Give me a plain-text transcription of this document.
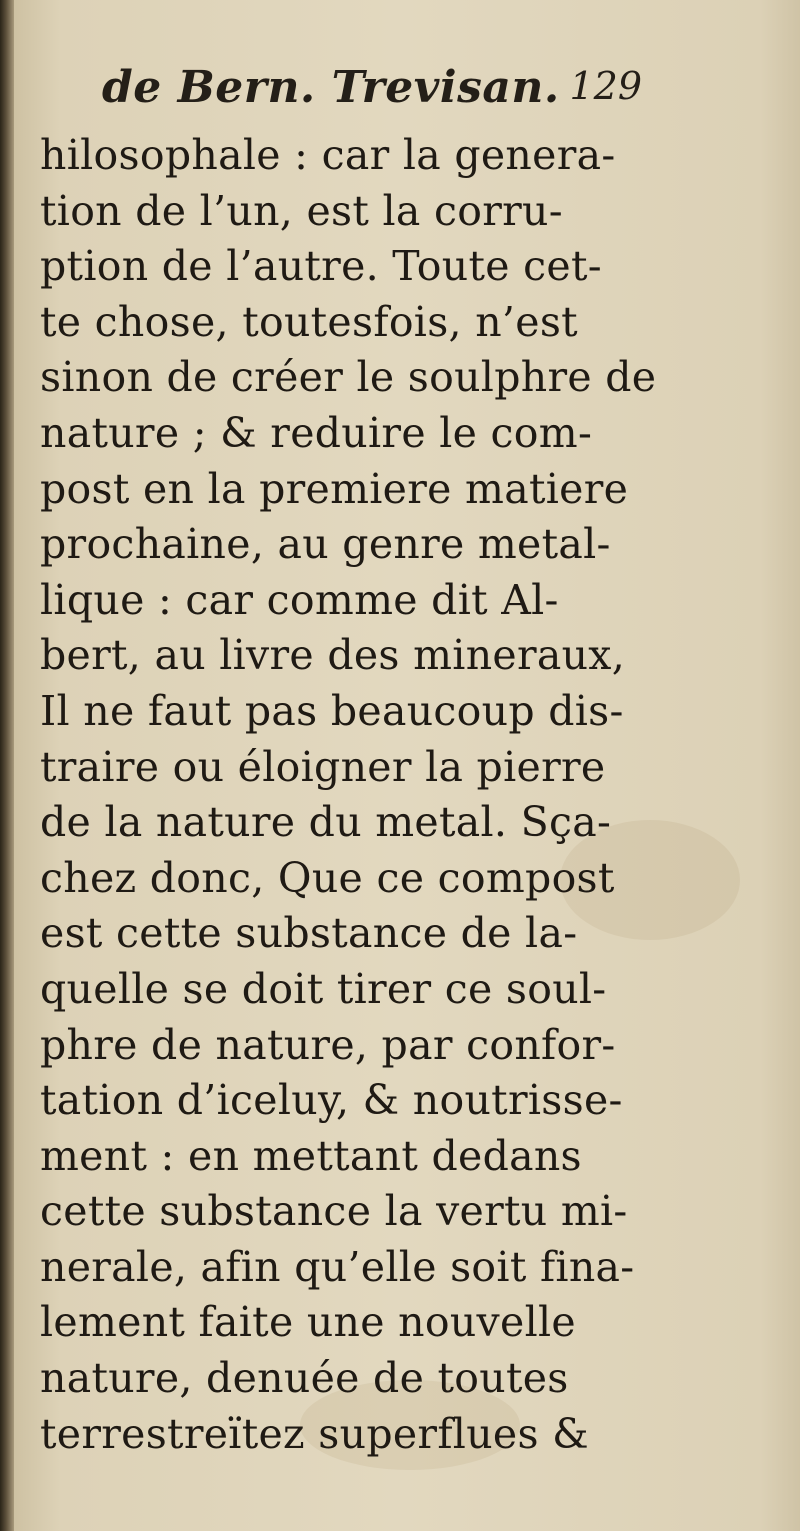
de Bern. Trevisan. 129
hilosophale : car la genera-
tion de l’un, est la corru-
ption de l’autre. Toute cet-
te chose, toutesfois, n’est
sinon de créer le soulphre de
nature ; & reduire le com-
post en la premiere matiere
prochaine, au genre metal-
lique : car comme dit Al-
bert, au livre des mineraux,
Il ne faut pas beaucoup dis-
traire ou éloigner la pierre
de la nature du metal. Sça-
chez donc, Que ce compost
est cette substance de la-
quelle se doit tirer ce soul-
phre de nature, par confor-
tation d’iceluy, & noutrisse-
ment : en mettant dedans
cette substance la vertu mi-
nerale, afin qu’elle soit fina-
lement faite une nouvelle
nature, denuée de toutes
terrestreïtez superflues &
